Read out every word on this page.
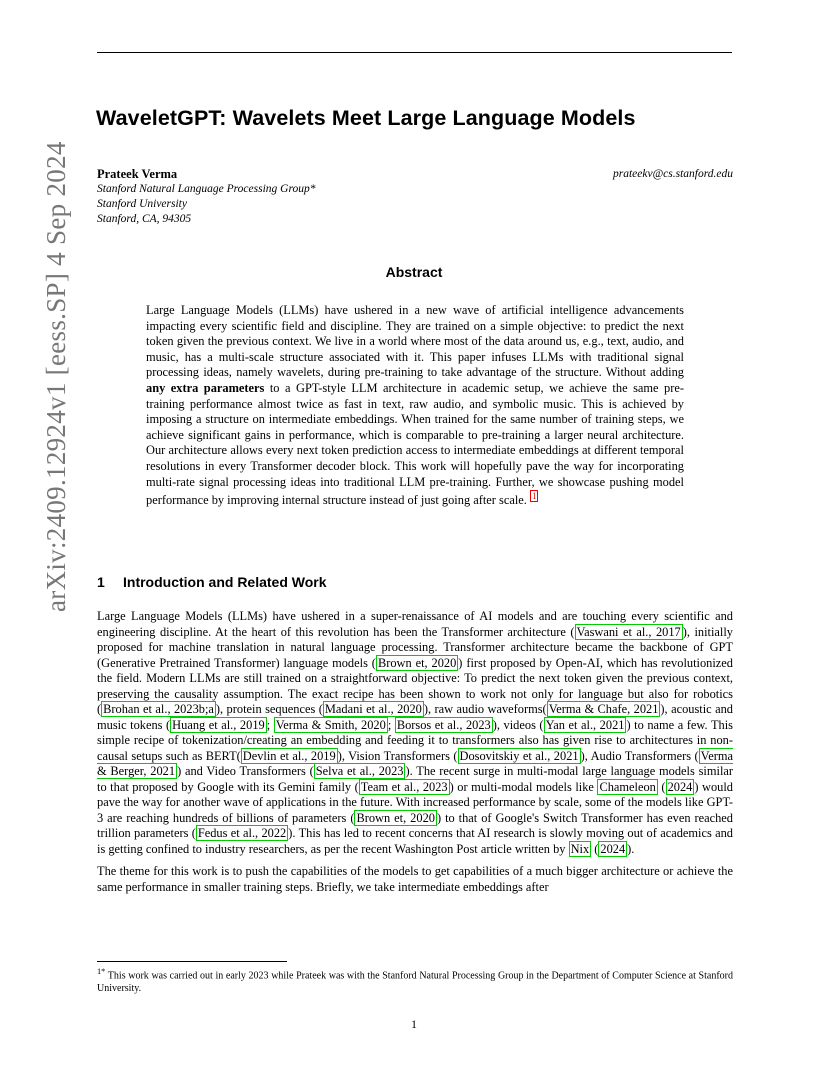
arXiv:2409.12924v1 [eess.SP] 4 Sep 2024
WaveletGPT: Wavelets Meet Large Language Models
Prateek Verma
Stanford Natural Language Processing Group*
Stanford University
Stanford, CA, 94305
prateekv@cs.stanford.edu
Abstract
Large Language Models (LLMs) have ushered in a new wave of artificial intelligence advancements impacting every scientific field and discipline. They are trained on a simple objective: to predict the next token given the previous context. We live in a world where most of the data around us, e.g., text, audio, and music, has a multi-scale structure associated with it. This paper infuses LLMs with traditional signal processing ideas, namely wavelets, during pre-training to take advantage of the structure. Without adding any extra parameters to a GPT-style LLM architecture in academic setup, we achieve the same pre-training performance almost twice as fast in text, raw audio, and symbolic music. This is achieved by imposing a structure on intermediate embeddings. When trained for the same number of training steps, we achieve significant gains in performance, which is comparable to pre-training a larger neural architecture. Our architecture allows every next token prediction access to intermediate embeddings at different temporal resolutions in every Transformer decoder block. This work will hopefully pave the way for incorporating multi-rate signal processing ideas into traditional LLM pre-training. Further, we showcase pushing model performance by improving internal structure instead of just going after scale. 1
1 Introduction and Related Work

Large Language Models (LLMs) have ushered in a super-renaissance of AI models and are touching every scientific and engineering discipline. At the heart of this revolution has been the Transformer architecture ( Vaswani et al., 2017 ), initially proposed for machine translation in natural language processing. Transformer architecture became the backbone of GPT (Generative Pretrained Transformer) language models ( Brown et, 2020 ) first proposed by Open-AI, which has revolutionized the field. Modern LLMs are still trained on a straightforward objective: To predict the next token given the previous context, preserving the causality assumption. The exact recipe has been shown to work not only for language but also for robotics ( Brohan et al., 2023b;a ), protein sequences ( Madani et al., 2020 ), raw audio waveforms( Verma & Chafe, 2021 ), acoustic and music tokens ( Huang et al., 2019 ; Verma & Smith, 2020 ; Borsos et al., 2023 ), videos ( Yan et al., 2021 ) to name a few. This simple recipe of tokenization/creating an embedding and feeding it to transformers also has given rise to architectures in non-causal setups such as BERT( Devlin et al., 2019 ), Vision Transformers ( Dosovitskiy et al., 2021 ), Audio Transformers ( Verma & Berger, 2021 ) and Video Transformers ( Selva et al., 2023 ). The recent surge in multi-modal large language models similar to that proposed by Google with its Gemini family ( Team et al., 2023 ) or multi-modal models like Chameleon ( 2024 ) would pave the way for another wave of applications in the future. With increased performance by scale, some of the models like GPT-3 are reaching hundreds of billions of parameters ( Brown et, 2020 ) to that of Google's Switch Transformer has even reached trillion parameters ( Fedus et al., 2022 ). This has led to recent concerns that AI research is slowly moving out of academics and is getting confined to industry researchers, as per the recent Washington Post article written by Nix ( 2024 ).

The theme for this work is to push the capabilities of the models to get capabilities of a much bigger architecture or achieve the same performance in smaller training steps. Briefly, we take intermediate embeddings after

$^{1*}$ This work was carried out in early 2023 while Prateek was with the Stanford Natural Processing Group in the Department of Computer Science at Stanford University.
1
